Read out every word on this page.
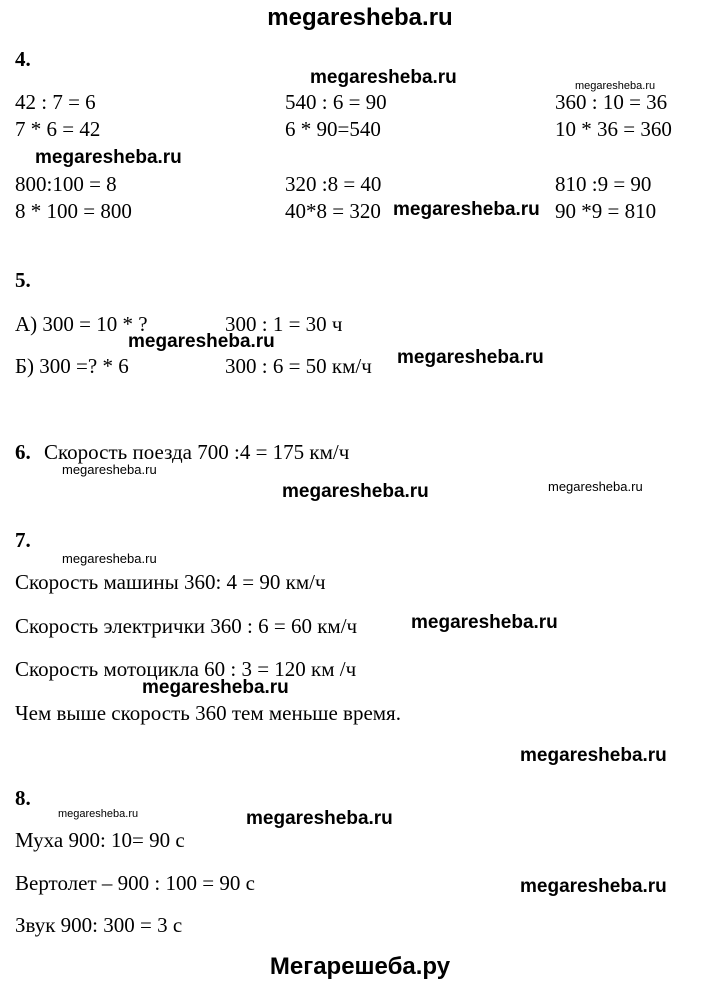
megaresheba.ru
4.
megaresheba.ru	megaresheba.ru
42 : 7 = 6	540 : 6 = 90	360 : 10 = 36
7 * 6 = 42	6 * 90=540	10 * 36 = 360
megaresheba.ru
800:100 = 8	320 :8 = 40	810 :9 = 90
8 * 100 = 800	40*8 = 320 megaresheba.ru 90 *9 = 810
5.
А) 300 = 10 * ?	300 : 1 = 30 ч
megaresheba.ru
Б) 300 =? * 6	300 : 6 = 50 км/ч megaresheba.ru
6. Скорость поезда 700 :4 = 175 км/ч
megaresheba.ru
megaresheba.ru	megaresheba.ru
7.
megaresheba.ru
Скорость машины 360: 4 = 90 км/ч
Скорость электрички 360 : 6 = 60 км/ч	megaresheba.ru
Скорость мотоцикла 60 : 3 = 120 км /ч
megaresheba.ru
Чем выше скорость 360 тем меньше время.
megaresheba.ru
8.
megaresheba.ru	megaresheba.ru
Муха 900: 10= 90 с
Вертолет – 900 : 100 = 90 с	megaresheba.ru
Звук 900: 300 = 3 с
Мегарешеба.ру
